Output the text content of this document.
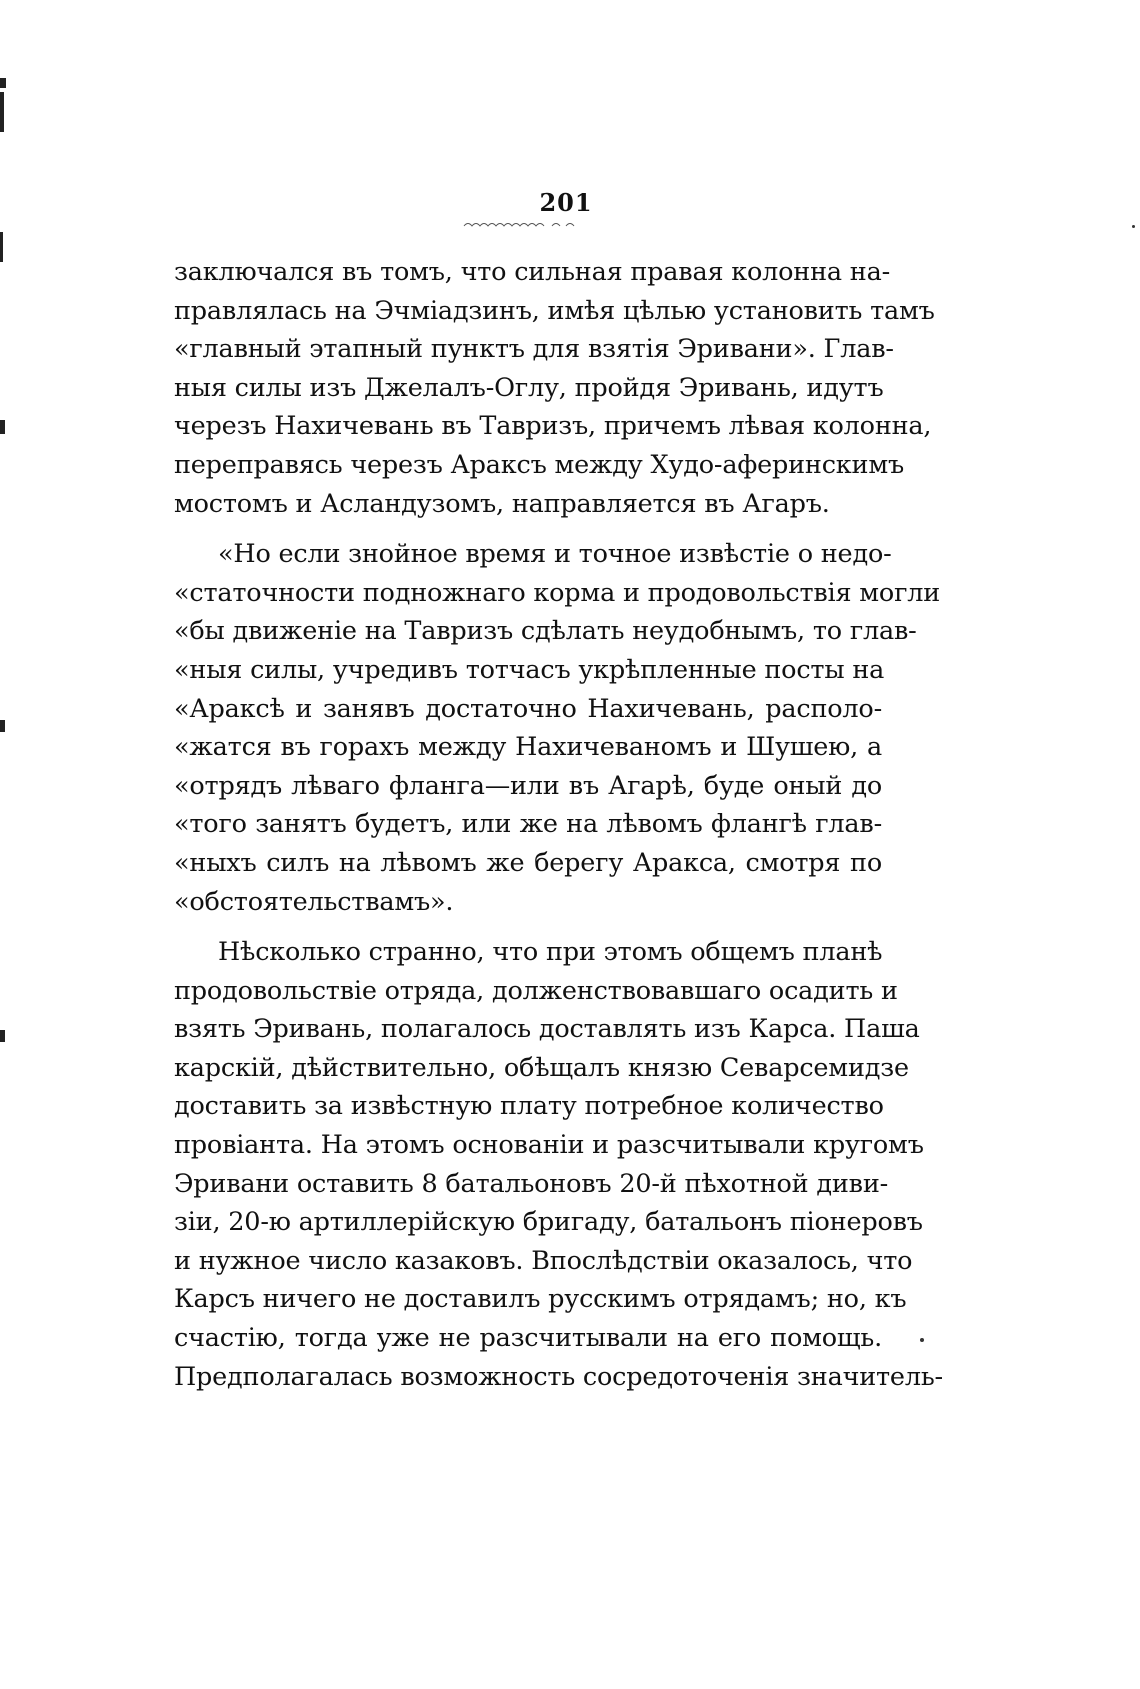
201
заключался въ томъ, что сильная правая колонна на-
правлялась на Эчміадзинъ, имѣя цѣлью установить тамъ
«главный этапный пунктъ для взятія Эривани». Глав-
ныя силы изъ Джелалъ-Оглу, пройдя Эривань, идутъ
черезъ Нахичевань въ Тавризъ, причемъ лѣвая колонна,
переправясь черезъ Араксъ между Худо-аферинскимъ
мостомъ и Асландузомъ, направляется въ Агаръ.
«Но если знойное время и точное извѣстіе о недо-
«статочности подножнаго корма и продовольствія могли
«бы движеніе на Тавризъ сдѣлать неудобнымъ, то глав-
«ныя силы, учредивъ тотчасъ укрѣпленные посты на
«Араксѣ и занявъ достаточно Нахичевань, располо-
«жатся въ горахъ между Нахичеваномъ и Шушею, а
«отрядъ лѣваго фланга—или въ Агарѣ, буде оный до
«того занятъ будетъ, или же на лѣвомъ флангѣ глав-
«ныхъ силъ на лѣвомъ же берегу Аракса, смотря по
«обстоятельствамъ».
Нѣсколько странно, что при этомъ общемъ планѣ
продовольствіе отряда, долженствовавшаго осадить и
взять Эривань, полагалось доставлять изъ Карса. Паша
карскій, дѣйствительно, обѣщалъ князю Севарсемидзе
доставить за извѣстную плату потребное количество
провіанта. На этомъ основаніи и разсчитывали кругомъ
Эривани оставить 8 батальоновъ 20-й пѣхотной диви-
зіи, 20-ю артиллерійскую бригаду, батальонъ піонеровъ
и нужное число казаковъ. Впослѣдствіи оказалось, что
Карсъ ничего не доставилъ русскимъ отрядамъ; но, къ
счастію, тогда уже не разсчитывали на его помощь.
Предполагалась возможность сосредоточенія значитель-
